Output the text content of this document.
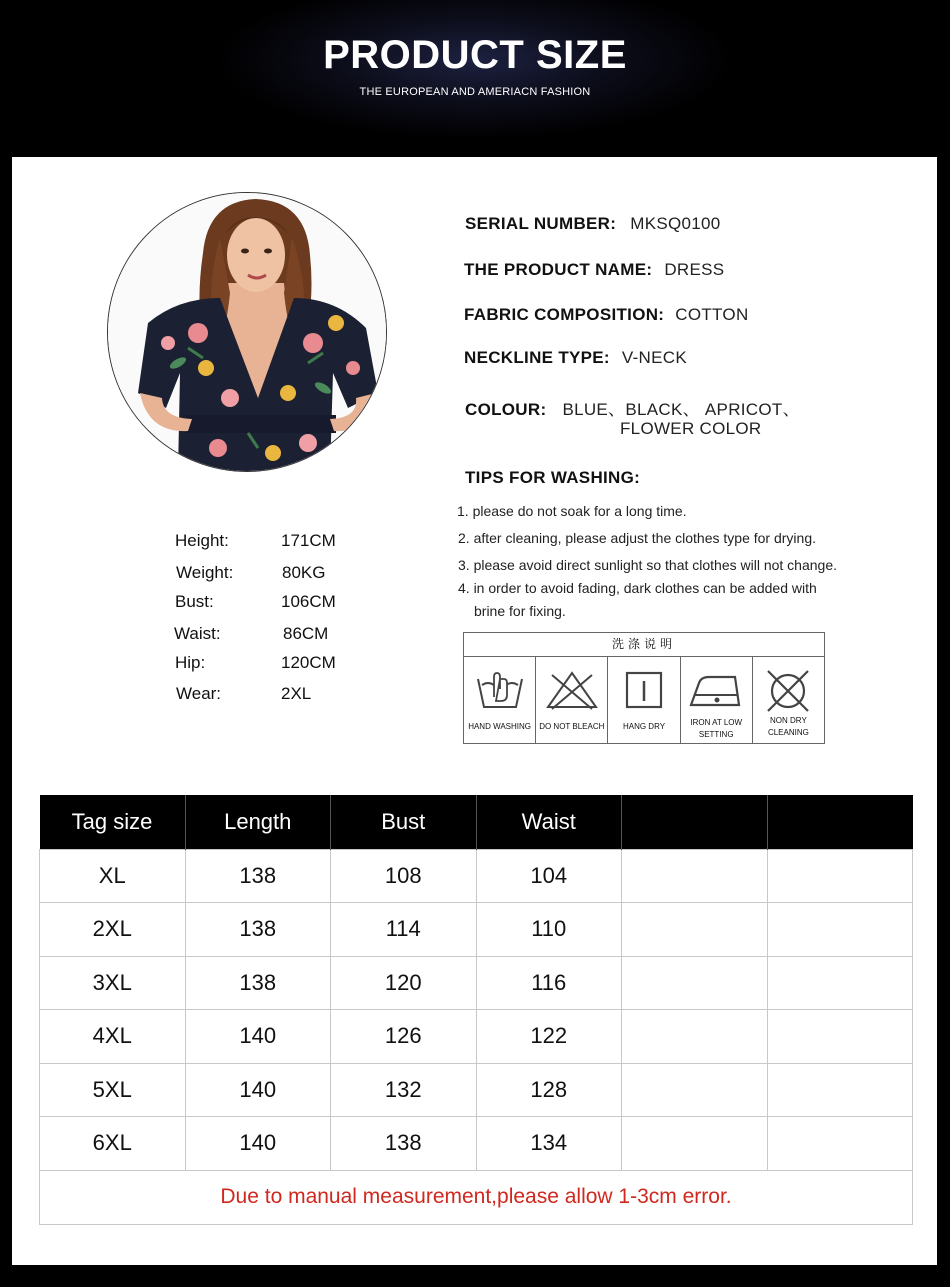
PRODUCT SIZE
THE EUROPEAN AND AMERIACN FASHION
Height:	171CM
Weight:	80KG
Bust:	106CM
Waist:	86CM
Hip:	120CM
Wear:	2XL
SERIAL NUMBER: MKSQ0100
THE PRODUCT NAME: DRESS
FABRIC COMPOSITION: COTTON
NECKLINE TYPE: V-NECK
COLOUR: BLUE、BLACK、 APRICOT、
FLOWER COLOR
TIPS FOR WASHING:
1. please do not soak for a long time.
2. after cleaning, please adjust the clothes type for drying.
3. please avoid direct sunlight so that clothes will not change.
4. in order to avoid fading, dark clothes can be added with
brine for fixing.
洗涤说明
HAND WASHING	DO NOT BLEACH	HANG DRY	IRON AT LOW
SETTING
NON DRY
CLEANING
Tag size	Length	Bust	Waist		
XL	138	108	104		
2XL	138	114	110		
3XL	138	120	116		
4XL	140	126	122		
5XL	140	132	128		
6XL	140	138	134		
Due to manual measurement,please allow 1-3cm error.					
